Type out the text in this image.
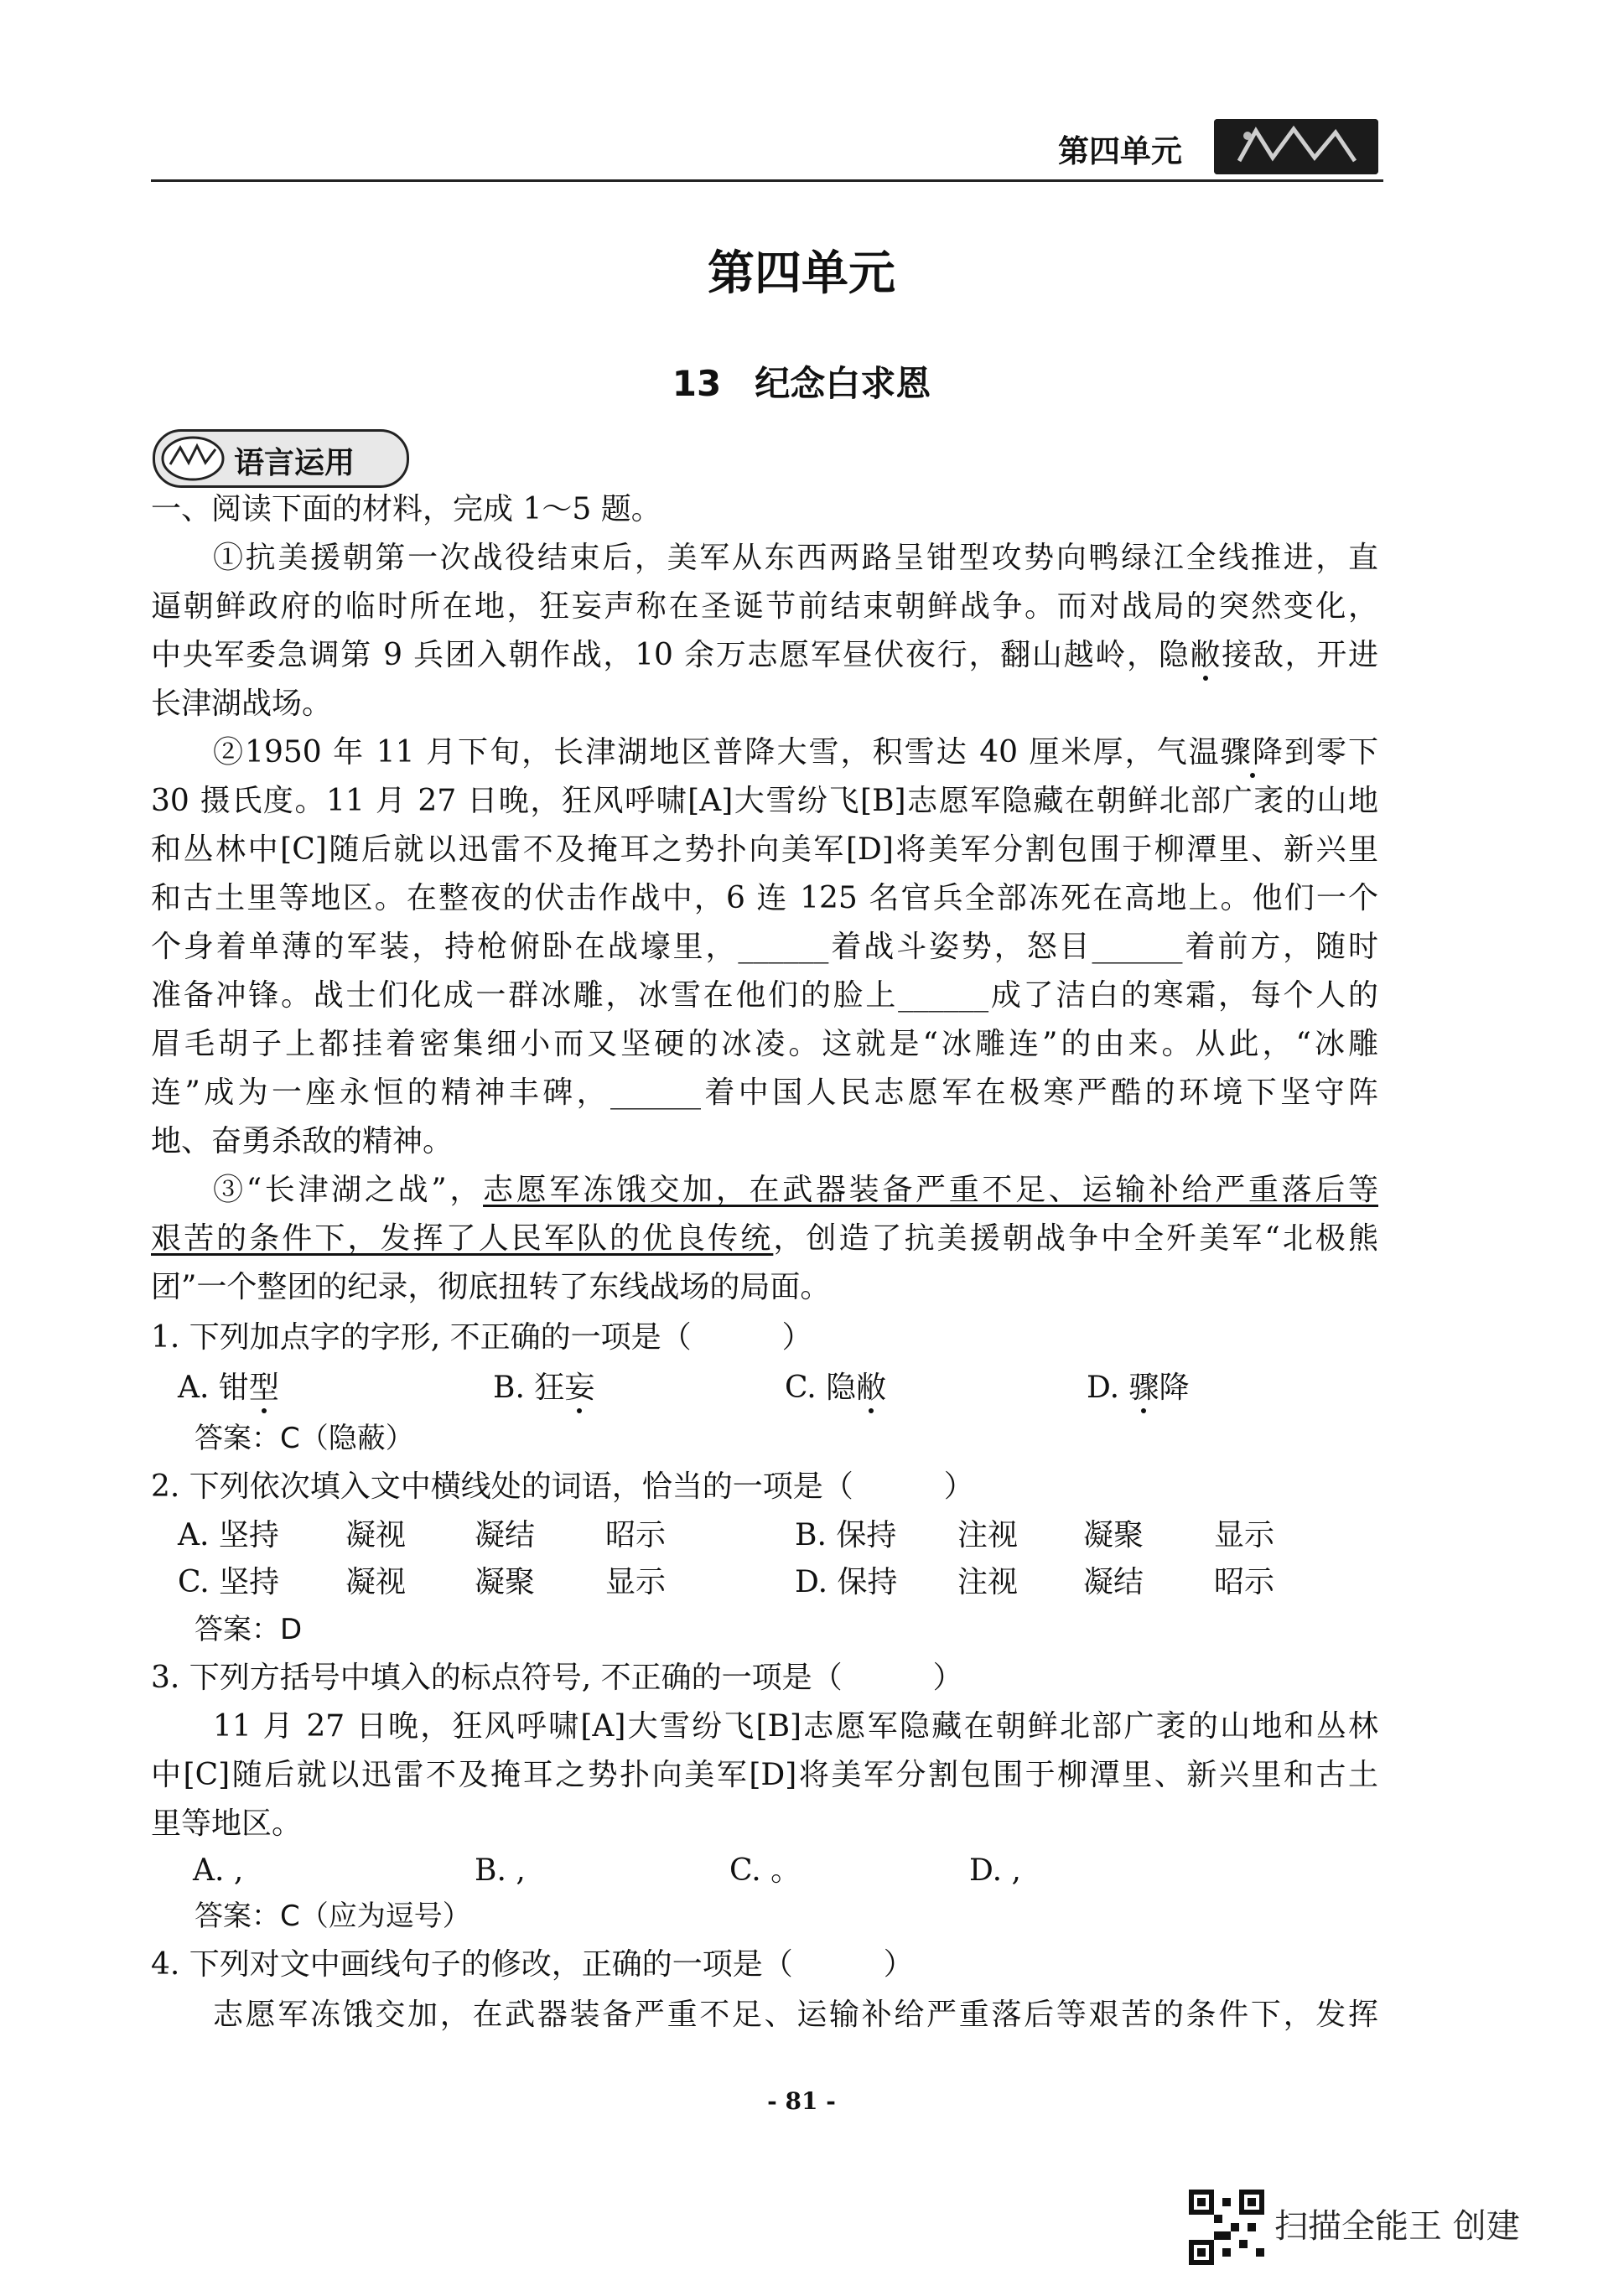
第四单元
第四单元
13 纪念白求恩
语言运用
一、阅读下面的材料，完成 1～5 题。
①抗美援朝第一次战役结束后，美军从东西两路呈钳型攻势向鸭绿江全线推进，直
逼朝鲜政府的临时所在地，狂妄声称在圣诞节前结束朝鲜战争。而对战局的突然变化，
中央军委急调第 9 兵团入朝作战，10 余万志愿军昼伏夜行，翻山越岭，隐敝接敌，开进
长津湖战场。
②1950 年 11 月下旬，长津湖地区普降大雪，积雪达 40 厘米厚，气温骤降到零下
30 摄氏度。11 月 27 日晚，狂风呼啸[A]大雪纷飞[B]志愿军隐藏在朝鲜北部广袤的山地
和丛林中[C]随后就以迅雷不及掩耳之势扑向美军[D]将美军分割包围于柳潭里、新兴里
和古土里等地区。在整夜的伏击作战中，6 连 125 名官兵全部冻死在高地上。他们一个
个身着单薄的军装，持枪俯卧在战壕里，______着战斗姿势，怒目______着前方，随时
准备冲锋。战士们化成一群冰雕，冰雪在他们的脸上______成了洁白的寒霜，每个人的
眉毛胡子上都挂着密集细小而又坚硬的冰凌。这就是“冰雕连”的由来。从此，“冰雕
连”成为一座永恒的精神丰碑，______着中国人民志愿军在极寒严酷的环境下坚守阵
地、奋勇杀敌的精神。
③“长津湖之战”，志愿军冻饿交加，在武器装备严重不足、运输补给严重落后等
艰苦的条件下，发挥了人民军队的优良传统，创造了抗美援朝战争中全歼美军“北极熊
团”一个整团的纪录，彻底扭转了东线战场的局面。
1. 下列加点字的字形, 不正确的一项是（　　　）
A. 钳型	B. 狂妄	C. 隐敝	D. 骤降
答案：C（隐蔽）
2. 下列依次填入文中横线处的词语，恰当的一项是（　　　）
A. 坚持 凝视 凝结 昭示	B. 保持 注视 凝聚 显示
C. 坚持 凝视 凝聚 显示	D. 保持 注视 凝结 昭示
答案：D
3. 下列方括号中填入的标点符号, 不正确的一项是（　　　）
11 月 27 日晚，狂风呼啸[A]大雪纷飞[B]志愿军隐藏在朝鲜北部广袤的山地和丛林
中[C]随后就以迅雷不及掩耳之势扑向美军[D]将美军分割包围于柳潭里、新兴里和古土
里等地区。
A. ,	B. ,	C. 。	D. ,
答案：C（应为逗号）
4. 下列对文中画线句子的修改，正确的一项是（　　　）
志愿军冻饿交加，在武器装备严重不足、运输补给严重落后等艰苦的条件下，发挥
- 81 -
扫描全能王 创建
